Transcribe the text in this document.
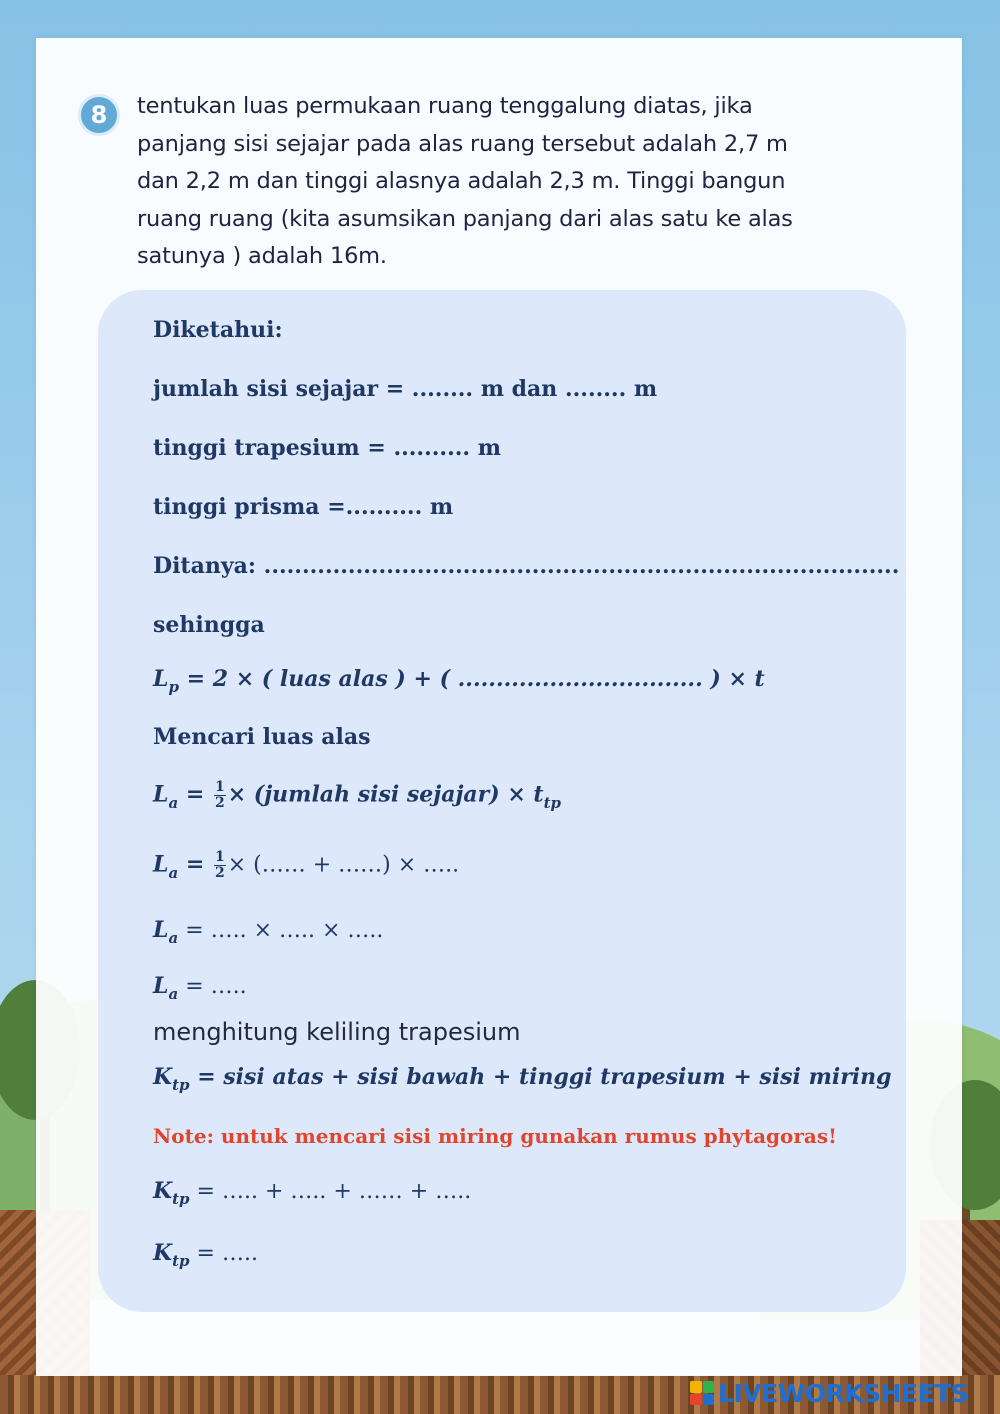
8	tentukan luas permukaan ruang tenggalung diatas, jika
panjang sisi sejajar pada alas ruang tersebut adalah 2,7 m
dan 2,2 m dan tinggi alasnya adalah 2,3 m. Tinggi bangun
ruang ruang (kita asumsikan panjang dari alas satu ke alas
satunya ) adalah 16m.
Diketahui:
jumlah sisi sejajar = ........ m dan ........ m
tinggi trapesium = .......... m
tinggi prisma =.......... m
Ditanya: ...................................................................................
sehingga
$L_p = 2$ × ( luas alas ) + ( ................................ ) × t
Mencari luas alas
$L_a = \frac{1}{2}$ × (jumlah sisi sejajar) × $t_{tp}$
$L_a = \frac{1}{2}$ × (…… + ……) × …..
$L_a$ = ….. × ….. × …..
$L_a$ = …..
menghitung keliling trapesium
$K_{tp}$ = sisi atas + sisi bawah + tinggi trapesium + sisi miring
Note: untuk mencari sisi miring gunakan rumus phytagoras!
$K_{tp}$ = ….. + ….. + …… + …..
$K_{tp}$ = …..
LIVEWORKSHEETS
